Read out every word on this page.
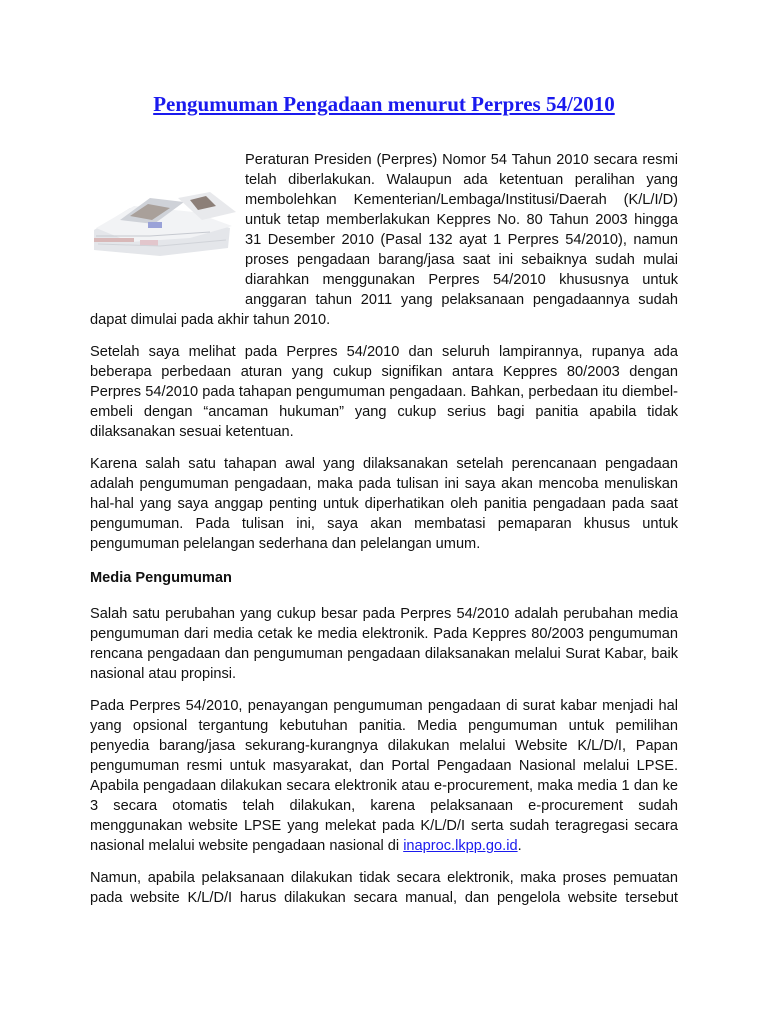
Pengumuman Pengadaan menurut Perpres 54/2010

Peraturan Presiden (Perpres) Nomor 54 Tahun 2010 secara resmi telah diberlakukan. Walaupun ada ketentuan peralihan yang membolehkan Kementerian/Lembaga/Institusi/Daerah (K/L/I/D) untuk tetap memberlakukan Keppres No. 80 Tahun 2003 hingga 31 Desember 2010 (Pasal 132 ayat 1 Perpres 54/2010), namun proses pengadaan barang/jasa saat ini sebaiknya sudah mulai diarahkan menggunakan Perpres 54/2010 khususnya untuk anggaran tahun 2011 yang pelaksanaan pengadaannya sudah dapat dimulai pada akhir tahun 2010.

Setelah saya melihat pada Perpres 54/2010 dan seluruh lampirannya, rupanya ada beberapa perbedaan aturan yang cukup signifikan antara Keppres 80/2003 dengan Perpres 54/2010 pada tahapan pengumuman pengadaan. Bahkan, perbedaan itu diembel-embeli dengan “ancaman hukuman” yang cukup serius bagi panitia apabila tidak dilaksanakan sesuai ketentuan.

Karena salah satu tahapan awal yang dilaksanakan setelah perencanaan pengadaan adalah pengumuman pengadaan, maka pada tulisan ini saya akan mencoba menuliskan hal-hal yang saya anggap penting untuk diperhatikan oleh panitia pengadaan pada saat pengumuman. Pada tulisan ini, saya akan membatasi pemaparan khusus untuk pengumuman pelelangan sederhana dan pelelangan umum.

Media Pengumuman

Salah satu perubahan yang cukup besar pada Perpres 54/2010 adalah perubahan media pengumuman dari media cetak ke media elektronik. Pada Keppres 80/2003 pengumuman rencana pengadaan dan pengumuman pengadaan dilaksanakan melalui Surat Kabar, baik nasional atau propinsi.

Pada Perpres 54/2010, penayangan pengumuman pengadaan di surat kabar menjadi hal yang opsional tergantung kebutuhan panitia. Media pengumuman untuk pemilihan penyedia barang/jasa sekurang-kurangnya dilakukan melalui Website K/L/D/I, Papan pengumuman resmi untuk masyarakat, dan Portal Pengadaan Nasional melalui LPSE. Apabila pengadaan dilakukan secara elektronik atau e-procurement, maka media 1 dan ke 3 secara otomatis telah dilakukan, karena pelaksanaan e-procurement sudah menggunakan website LPSE yang melekat pada K/L/D/I serta sudah teragregasi secara nasional melalui website pengadaan nasional di inaproc.lkpp.go.id.

Namun, apabila pelaksanaan dilakukan tidak secara elektronik, maka proses pemuatan pada website K/L/D/I harus dilakukan secara manual, dan pengelola website tersebut
